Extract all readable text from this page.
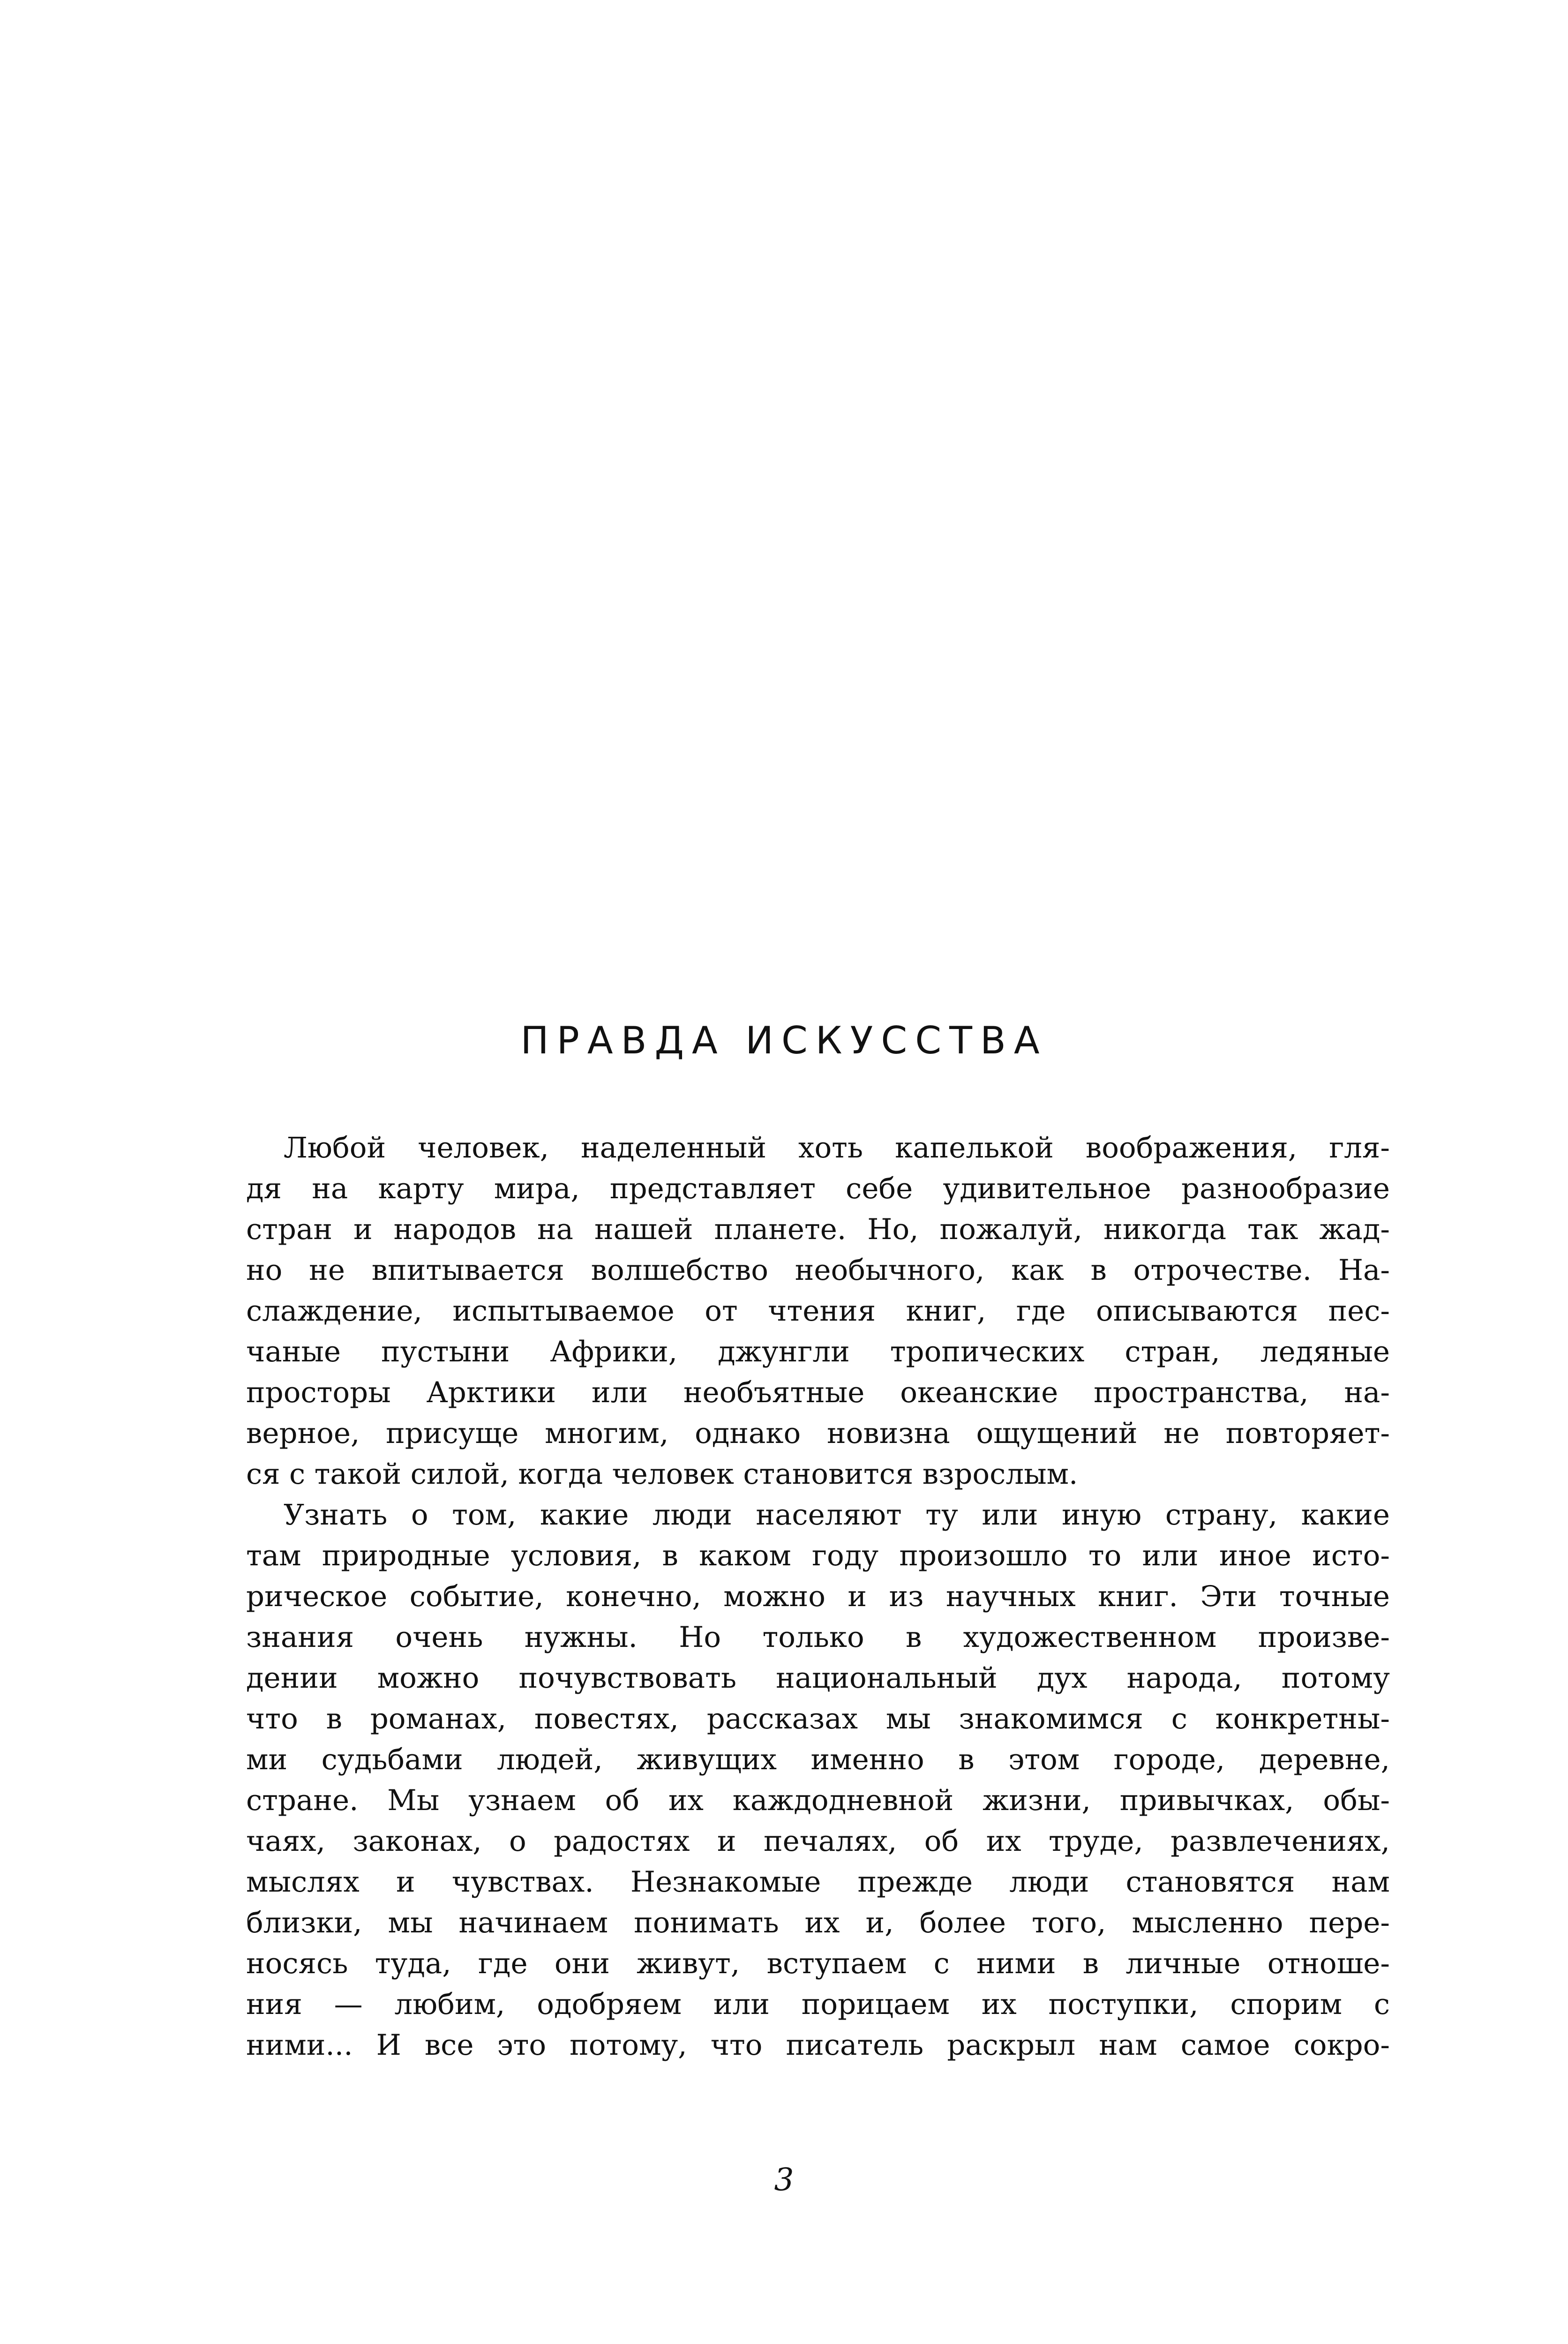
ПРАВДА ИСКУССТВА

Любой человек, наделенный хоть капелькой воображения, гля-
дя на карту мира, представляет себе удивительное разнообразие
стран и народов на нашей планете. Но, пожалуй, никогда так жад-
но не впитывается волшебство необычного, как в отрочестве. На-
слаждение, испытываемое от чтения книг, где описываются пес-
чаные пустыни Африки, джунгли тропических стран, ледяные
просторы Арктики или необъятные океанские пространства, на-
верное, присуще многим, однако новизна ощущений не повторяет-
ся с такой силой, когда человек становится взрослым.

Узнать о том, какие люди населяют ту или иную страну, какие
там природные условия, в каком году произошло то или иное исто-
рическое событие, конечно, можно и из научных книг. Эти точные
знания очень нужны. Но только в художественном произве-
дении можно почувствовать национальный дух народа, потому
что в романах, повестях, рассказах мы знакомимся с конкретны-
ми судьбами людей, живущих именно в этом городе, деревне,
стране. Мы узнаем об их каждодневной жизни, привычках, обы-
чаях, законах, о радостях и печалях, об их труде, развлечениях,
мыслях и чувствах. Незнакомые прежде люди становятся нам
близки, мы начинаем понимать их и, более того, мысленно пере-
носясь туда, где они живут, вступаем с ними в личные отноше-
ния — любим, одобряем или порицаем их поступки, спорим с
ними... И все это потому, что писатель раскрыл нам самое сокро-

3
